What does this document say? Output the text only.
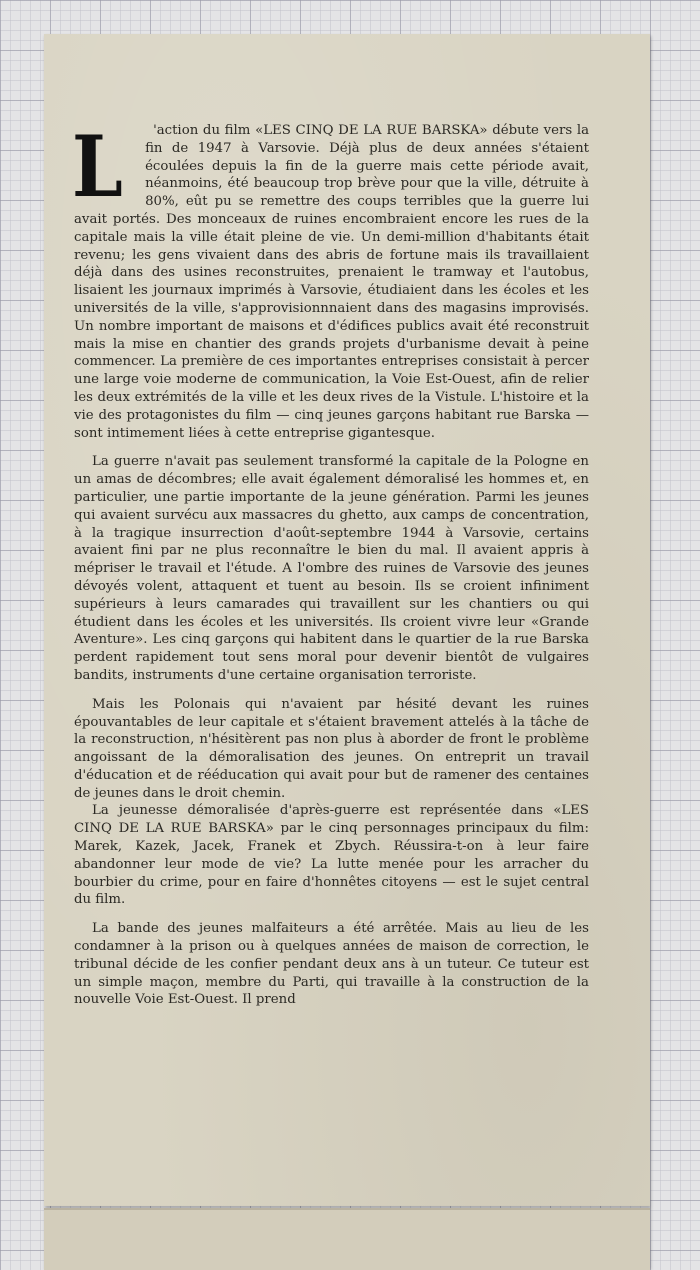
L 'action du film «LES CINQ DE LA RUE BARSKA» débute vers la fin de 1947 à Varsovie. Déjà plus de deux années s'étaient écoulées depuis la fin de la guerre mais cette période avait, néanmoins, été beaucoup trop brève pour que la ville, détruite à 80%, eût pu se remettre des coups terribles que la guerre lui avait portés. Des monceaux de ruines encombraient encore les rues de la capitale mais la ville était pleine de vie. Un demi-million d'habitants était revenu; les gens vivaient dans des abris de fortune mais ils travaillaient déjà dans des usines reconstruites, prenaient le tramway et l'autobus, lisaient les journaux imprimés à Varsovie, étudiaient dans les écoles et les universités de la ville, s'approvisionnnaient dans des magasins improvisés. Un nombre important de maisons et d'édifices publics avait été reconstruit mais la mise en chantier des grands projets d'urbanisme devait à peine commencer. La première de ces importantes entreprises consistait à percer une large voie moderne de communication, la Voie Est-Ouest, afin de relier les deux extrémités de la ville et les deux rives de la Vistule. L'histoire et la vie des protagonistes du film — cinq jeunes garçons habitant rue Barska — sont intimement liées à cette entreprise gigantesque.

La guerre n'avait pas seulement transformé la capitale de la Pologne en un amas de décombres; elle avait également démoralisé les hommes et, en particulier, une partie importante de la jeune génération. Parmi les jeunes qui avaient survécu aux massacres du ghetto, aux camps de concentration, à la tragique insurrection d'août-septembre 1944 à Varsovie, certains avaient fini par ne plus reconnaître le bien du mal. Il avaient appris à mépriser le travail et l'étude. A l'ombre des ruines de Varsovie des jeunes dévoyés volent, attaquent et tuent au besoin. Ils se croient infiniment supérieurs à leurs camarades qui travaillent sur les chantiers ou qui étudient dans les écoles et les universités. Ils croient vivre leur «Grande Aventure». Les cinq garçons qui habitent dans le quartier de la rue Barska perdent rapidement tout sens moral pour devenir bientôt de vulgaires bandits, instruments d'une certaine organisation terroriste.

Mais les Polonais qui n'avaient par hésité devant les ruines épouvantables de leur capitale et s'étaient bravement attelés à la tâche de la reconstruction, n'hésitèrent pas non plus à aborder de front le problème angoissant de la démoralisation des jeunes. On entreprit un travail d'éducation et de rééducation qui avait pour but de ramener des centaines de jeunes dans le droit chemin.

La jeunesse démoralisée d'après-guerre est représentée dans «LES CINQ DE LA RUE BARSKA» par le cinq personnages principaux du film: Marek, Kazek, Jacek, Franek et Zbych. Réussira-t-on à leur faire abandonner leur mode de vie? La lutte menée pour les arracher du bourbier du crime, pour en faire d'honnêtes citoyens — est le sujet central du film.

La bande des jeunes malfaiteurs a été arrêtée. Mais au lieu de les condamner à la prison ou à quelques années de maison de correction, le tribunal décide de les confier pendant deux ans à un tuteur. Ce tuteur est un simple maçon, membre du Parti, qui travaille à la construction de la nouvelle Voie Est-Ouest. Il prend
